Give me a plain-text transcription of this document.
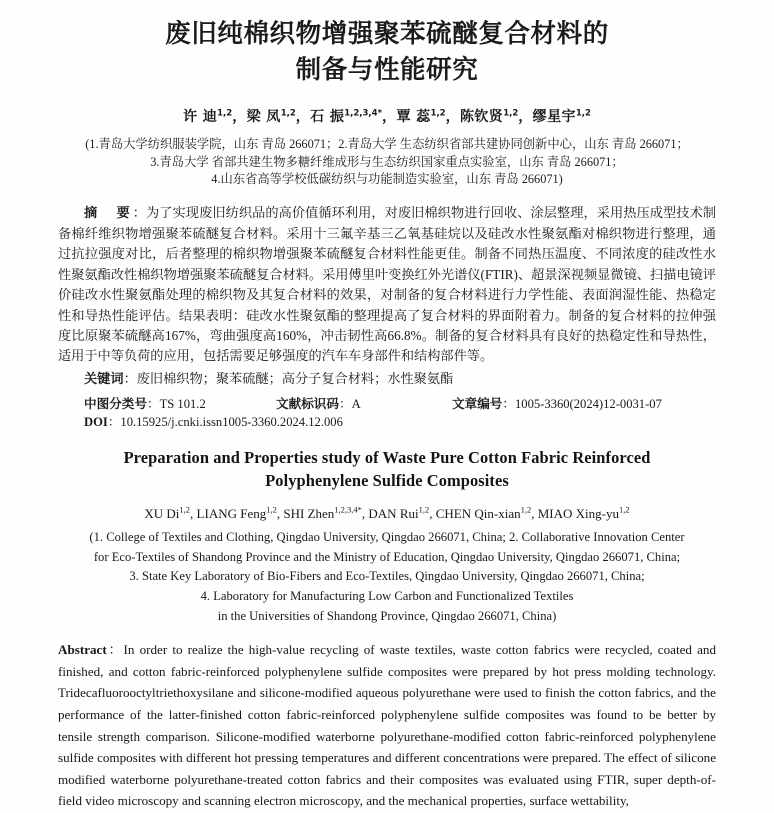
废旧纯棉织物增强聚苯硫醚复合材料的
制备与性能研究
许 迪$^{1,2}$，梁 凤$^{1,2}$，石 振$^{1,2,3,4*}$，覃 蕊$^{1,2}$，陈钦贤$^{1,2}$，缪星宇$^{1,2}$
(1.青岛大学纺织服装学院，山东 青岛 266071；2.青岛大学 生态纺织省部共建协同创新中心，山东 青岛 266071；
3.青岛大学 省部共建生物多糖纤维成形与生态纺织国家重点实验室，山东 青岛 266071；
4.山东省高等学校低碳纺织与功能制造实验室，山东 青岛 266071)
摘　要：为了实现废旧纺织品的高价值循环利用，对废旧棉织物进行回收、涂层整理，采用热压成型技术制备棉纤维织物增强聚苯硫醚复合材料。采用十三氟辛基三乙氧基硅烷以及硅改水性聚氨酯对棉织物进行整理，通过抗拉强度对比，后者整理的棉织物增强聚苯硫醚复合材料性能更佳。制备不同热压温度、不同浓度的硅改性水性聚氨酯改性棉织物增强聚苯硫醚复合材料。采用傅里叶变换红外光谱仪(FTIR)、超景深视频显微镜、扫描电镜评价硅改水性聚氨酯处理的棉织物及其复合材料的效果，对制备的复合材料进行力学性能、表面润湿性能、热稳定性和导热性能评估。结果表明：硅改水性聚氨酯的整理提高了复合材料的界面附着力。制备的复合材料的拉伸强度比原聚苯硫醚高167%，弯曲强度高160%，冲击韧性高66.8%。制备的复合材料具有良好的热稳定性和导热性，适用于中等负荷的应用，包括需要足够强度的汽车车身部件和结构部件等。
关键词：废旧棉织物；聚苯硫醚；高分子复合材料；水性聚氨酯
中图分类号：TS 101.2	文献标识码：A	文章编号：1005-3360(2024)12-0031-07
DOI：10.15925/j.cnki.issn1005-3360.2024.12.006
Preparation and Properties study of Waste Pure Cotton Fabric Reinforced
Polyphenylene Sulfide Composites
XU Di$^{1,2}$, LIANG Feng$^{1,2}$, SHI Zhen$^{1,2,3,4*}$, DAN Rui$^{1,2}$, CHEN Qin-xian$^{1,2}$, MIAO Xing-yu$^{1,2}$
(1. College of Textiles and Clothing, Qingdao University, Qingdao 266071, China; 2. Collaborative Innovation Center
for Eco-Textiles of Shandong Province and the Ministry of Education, Qingdao University, Qingdao 266071, China;
3. State Key Laboratory of Bio-Fibers and Eco-Textiles, Qingdao University, Qingdao 266071, China;
4. Laboratory for Manufacturing Low Carbon and Functionalized Textiles
in the Universities of Shandong Province, Qingdao 266071, China)
Abstract：In order to realize the high-value recycling of waste textiles, waste cotton fabrics were recycled, coated and finished, and cotton fabric-reinforced polyphenylene sulfide composites were prepared by hot press molding technology. Tridecafluorooctyltriethoxysilane and silicone-modified aqueous polyurethane were used to finish the cotton fabrics, and the performance of the latter-finished cotton fabric-reinforced polyphenylene sulfide composites was found to be better by tensile strength comparison. Silicone-modified waterborne polyurethane-modified cotton fabric-reinforced polyphenylene sulfide composites with different hot pressing temperatures and different concentrations were prepared. The effect of silicone modified waterborne polyurethane-treated cotton fabrics and their composites was evaluated using FTIR, super depth-of-field video microscopy and scanning electron microscopy, and the mechanical properties, surface wettability,
